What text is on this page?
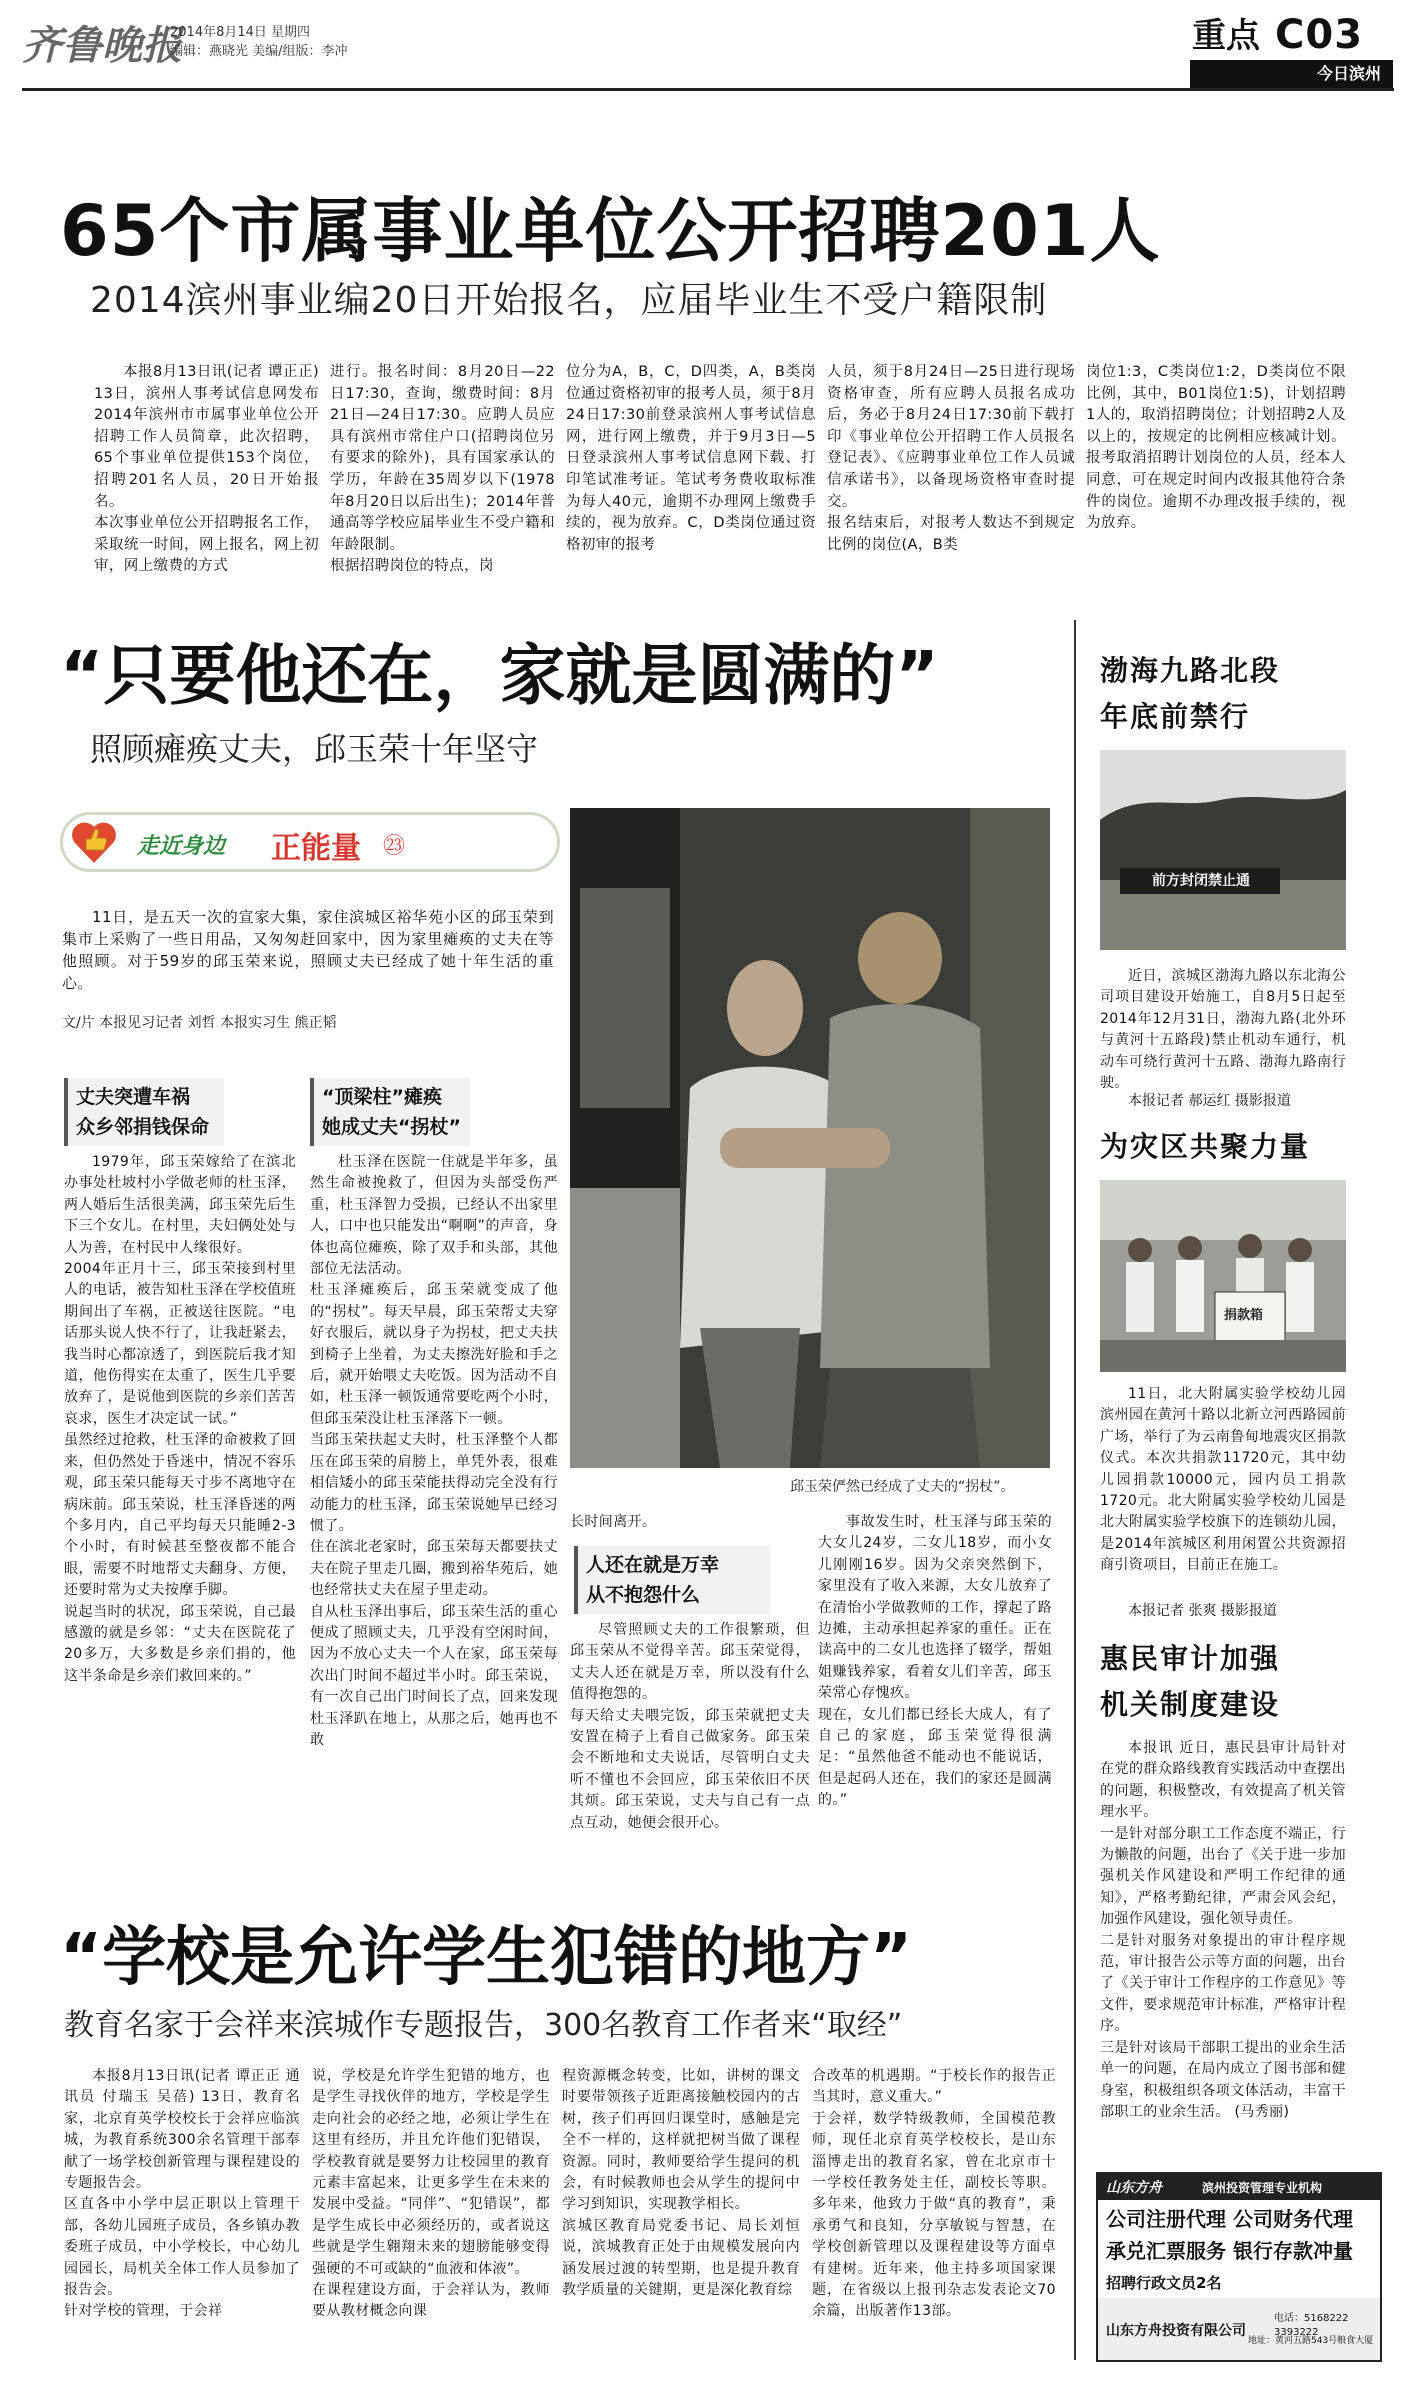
齐鲁晚报
2014年8月14日 星期四
编辑：燕晓光 美编/组版：李冲	重点 C03
今日滨州
65个市属事业单位公开招聘201人
2014滨州事业编20日开始报名，应届毕业生不受户籍限制

本报8月13日讯(记者 谭正正) 13日，滨州人事考试信息网发布2014年滨州市市属事业单位公开招聘工作人员简章，此次招聘，65个事业单位提供153个岗位，招聘201名人员，20日开始报名。
本次事业单位公开招聘报名工作，采取统一时间，网上报名，网上初审，网上缴费的方式

进行。报名时间：8月20日—22日17:30，查询，缴费时间：8月21日—24日17:30。应聘人员应具有滨州市常住户口(招聘岗位另有要求的除外)，具有国家承认的学历，年龄在35周岁以下(1978年8月20日以后出生)；2014年普通高等学校应届毕业生不受户籍和年龄限制。
根据招聘岗位的特点，岗

位分为A，B，C，D四类，A，B类岗位通过资格初审的报考人员，须于8月24日17:30前登录滨州人事考试信息网，进行网上缴费，并于9月3日—5日登录滨州人事考试信息网下载、打印笔试准考证。笔试考务费收取标准为每人40元，逾期不办理网上缴费手续的，视为放弃。C，D类岗位通过资格初审的报考

人员，须于8月24日—25日进行现场资格审查，所有应聘人员报名成功后，务必于8月24日17:30前下载打印《事业单位公开招聘工作人员报名登记表》、《应聘事业单位工作人员诚信承诺书》，以备现场资格审查时提交。
报名结束后，对报考人数达不到规定比例的岗位(A，B类

岗位1:3，C类岗位1:2，D类岗位不限比例，其中，B01岗位1:5)，计划招聘1人的，取消招聘岗位；计划招聘2人及以上的，按规定的比例相应核减计划。报考取消招聘计划岗位的人员，经本人同意，可在规定时间内改报其他符合条件的岗位。逾期不办理改报手续的，视为放弃。

“只要他还在，家就是圆满的”
照顾瘫痪丈夫，邱玉荣十年坚守
走近身边 正能量 ㉓

11日，是五天一次的宣家大集，家住滨城区裕华苑小区的邱玉荣到集市上采购了一些日用品，又匆匆赶回家中，因为家里瘫痪的丈夫在等他照顾。对于59岁的邱玉荣来说，照顾丈夫已经成了她十年生活的重心。

文/片 本报见习记者 刘哲 本报实习生 熊正韬
邱玉荣俨然已经成了丈夫的“拐杖”。
丈夫突遭车祸
众乡邻捐钱保命
“顶梁柱”瘫痪
她成丈夫“拐杖”

1979年，邱玉荣嫁给了在滨北办事处杜坡村小学做老师的杜玉泽，两人婚后生活很美满，邱玉荣先后生下三个女儿。在村里，夫妇俩处处与人为善，在村民中人缘很好。
2004年正月十三，邱玉荣接到村里人的电话，被告知杜玉泽在学校值班期间出了车祸，正被送往医院。“电话那头说人快不行了，让我赶紧去，我当时心都凉透了，到医院后我才知道，他伤得实在太重了，医生几乎要放弃了，是说他到医院的乡亲们苦苦哀求，医生才决定试一试。”
虽然经过抢救，杜玉泽的命被救了回来，但仍然处于昏迷中，情况不容乐观，邱玉荣只能每天寸步不离地守在病床前。邱玉荣说，杜玉泽昏迷的两个多月内，自己平均每天只能睡2-3个小时，有时候甚至整夜都不能合眼，需要不时地帮丈夫翻身、方便，还要时常为丈夫按摩手脚。
说起当时的状况，邱玉荣说，自己最感激的就是乡邻：“丈夫在医院花了20多万，大多数是乡亲们捐的，他这半条命是乡亲们救回来的。”

杜玉泽在医院一住就是半年多，虽然生命被挽救了，但因为头部受伤严重，杜玉泽智力受损，已经认不出家里人，口中也只能发出“啊啊”的声音，身体也高位瘫痪，除了双手和头部，其他部位无法活动。
杜玉泽瘫痪后，邱玉荣就变成了他的“拐杖”。每天早晨，邱玉荣帮丈夫穿好衣服后，就以身子为拐杖，把丈夫扶到椅子上坐着，为丈夫擦洗好脸和手之后，就开始喂丈夫吃饭。因为活动不自如，杜玉泽一顿饭通常要吃两个小时，但邱玉荣没让杜玉泽落下一顿。
当邱玉荣扶起丈夫时，杜玉泽整个人都压在邱玉荣的肩膀上，单凭外表，很难相信矮小的邱玉荣能扶得动完全没有行动能力的杜玉泽，邱玉荣说她早已经习惯了。
住在滨北老家时，邱玉荣每天都要扶丈夫在院子里走几圈，搬到裕华苑后，她也经常扶丈夫在屋子里走动。
自从杜玉泽出事后，邱玉荣生活的重心便成了照顾丈夫，几乎没有空闲时间，因为不放心丈夫一个人在家，邱玉荣每次出门时间不超过半小时。邱玉荣说，有一次自己出门时间长了点，回来发现杜玉泽趴在地上，从那之后，她再也不敢

长时间离开。

人还在就是万幸
从不抱怨什么

尽管照顾丈夫的工作很繁琐，但邱玉荣从不觉得辛苦。邱玉荣觉得，丈夫人还在就是万幸，所以没有什么值得抱怨的。
每天给丈夫喂完饭，邱玉荣就把丈夫安置在椅子上看自己做家务。邱玉荣会不断地和丈夫说话，尽管明白丈夫听不懂也不会回应，邱玉荣依旧不厌其烦。邱玉荣说，丈夫与自己有一点点互动，她便会很开心。

事故发生时，杜玉泽与邱玉荣的大女儿24岁，二女儿18岁，而小女儿刚刚16岁。因为父亲突然倒下，家里没有了收入来源，大女儿放弃了在清怡小学做教师的工作，撑起了路边摊，主动承担起养家的重任。正在读高中的二女儿也选择了辍学，帮姐姐赚钱养家，看着女儿们辛苦，邱玉荣常心存愧疚。
现在，女儿们都已经长大成人，有了自己的家庭，邱玉荣觉得很满足：“虽然他爸不能动也不能说话，但是起码人还在，我们的家还是圆满的。”

渤海九路北段
年底前禁行
前方封闭禁止通

近日，滨城区渤海九路以东北海公司项目建设开始施工，自8月5日起至2014年12月31日，渤海九路(北外环与黄河十五路段)禁止机动车通行，机动车可绕行黄河十五路、渤海九路南行驶。

本报记者 郝运红 摄影报道
为灾区共聚力量
捐款箱

11日，北大附属实验学校幼儿园滨州园在黄河十路以北新立河西路园前广场，举行了为云南鲁甸地震灾区捐款仪式。本次共捐款11720元，其中幼儿园捐款10000元，园内员工捐款1720元。北大附属实验学校幼儿园是北大附属实验学校旗下的连锁幼儿园，是2014年滨城区利用闲置公共资源招商引资项目，目前正在施工。

本报记者 张爽 摄影报道
惠民审计加强
机关制度建设

本报讯 近日，惠民县审计局针对在党的群众路线教育实践活动中查摆出的问题，积极整改，有效提高了机关管理水平。
一是针对部分职工工作态度不端正，行为懒散的问题，出台了《关于进一步加强机关作风建设和严明工作纪律的通知》，严格考勤纪律，严肃会风会纪，加强作风建设，强化领导责任。
二是针对服务对象提出的审计程序规范，审计报告公示等方面的问题，出台了《关于审计工作程序的工作意见》等文件，要求规范审计标准，严格审计程序。
三是针对该局干部职工提出的业余生活单一的问题，在局内成立了图书部和健身室，积极组织各项文体活动，丰富干部职工的业余生活。 (马秀丽)

山东方舟	滨州投资管理专业机构
公司注册代理 公司财务代理
承兑汇票服务 银行存款冲量
招聘行政文员2名
山东方舟投资有限公司
电话：5168222 3393222
地址：黄河五路543号粮食大厦
“学校是允许学生犯错的地方”
教育名家于会祥来滨城作专题报告，300名教育工作者来“取经”

本报8月13日讯(记者 谭正正 通讯员 付瑞玉 吴蓓) 13日，教育名家，北京育英学校校长于会祥应临滨城，为教育系统300余名管理干部奉献了一场学校创新管理与课程建设的专题报告会。
区直各中小学中层正职以上管理干部，各幼儿园班子成员，各乡镇办教委班子成员，中小学校长，中心幼儿园园长，局机关全体工作人员参加了报告会。
针对学校的管理，于会祥

说，学校是允许学生犯错的地方，也是学生寻找伙伴的地方，学校是学生走向社会的必经之地，必须让学生在这里有经历，并且允许他们犯错误，学校教育就是要努力让校园里的教育元素丰富起来，让更多学生在未来的发展中受益。“同伴”、“犯错误”，都是学生成长中必须经历的，或者说这些就是学生翱翔未来的翅膀能够变得强硬的不可或缺的“血液和体液”。
在课程建设方面，于会祥认为，教师要从教材概念向课

程资源概念转变，比如，讲树的课文时要带领孩子近距离接触校园内的古树，孩子们再回归课堂时，感触是完全不一样的，这样就把树当做了课程资源。同时，教师要给学生提问的机会，有时候教师也会从学生的提问中学习到知识，实现教学相长。
滨城区教育局党委书记、局长刘恒说，滨城教育正处于由规模发展向内涵发展过渡的转型期，也是提升教育教学质量的关键期，更是深化教育综

合改革的机遇期。“于校长作的报告正当其时，意义重大。”
于会祥，数学特级教师，全国模范教师，现任北京育英学校校长，是山东淄博走出的教育名家，曾在北京市十一学校任教务处主任，副校长等职。多年来，他致力于做“真的教育”，秉承勇气和良知，分享敏锐与智慧，在学校创新管理以及课程建设等方面卓有建树。近年来，他主持多项国家课题，在省级以上报刊杂志发表论文70余篇，出版著作13部。
